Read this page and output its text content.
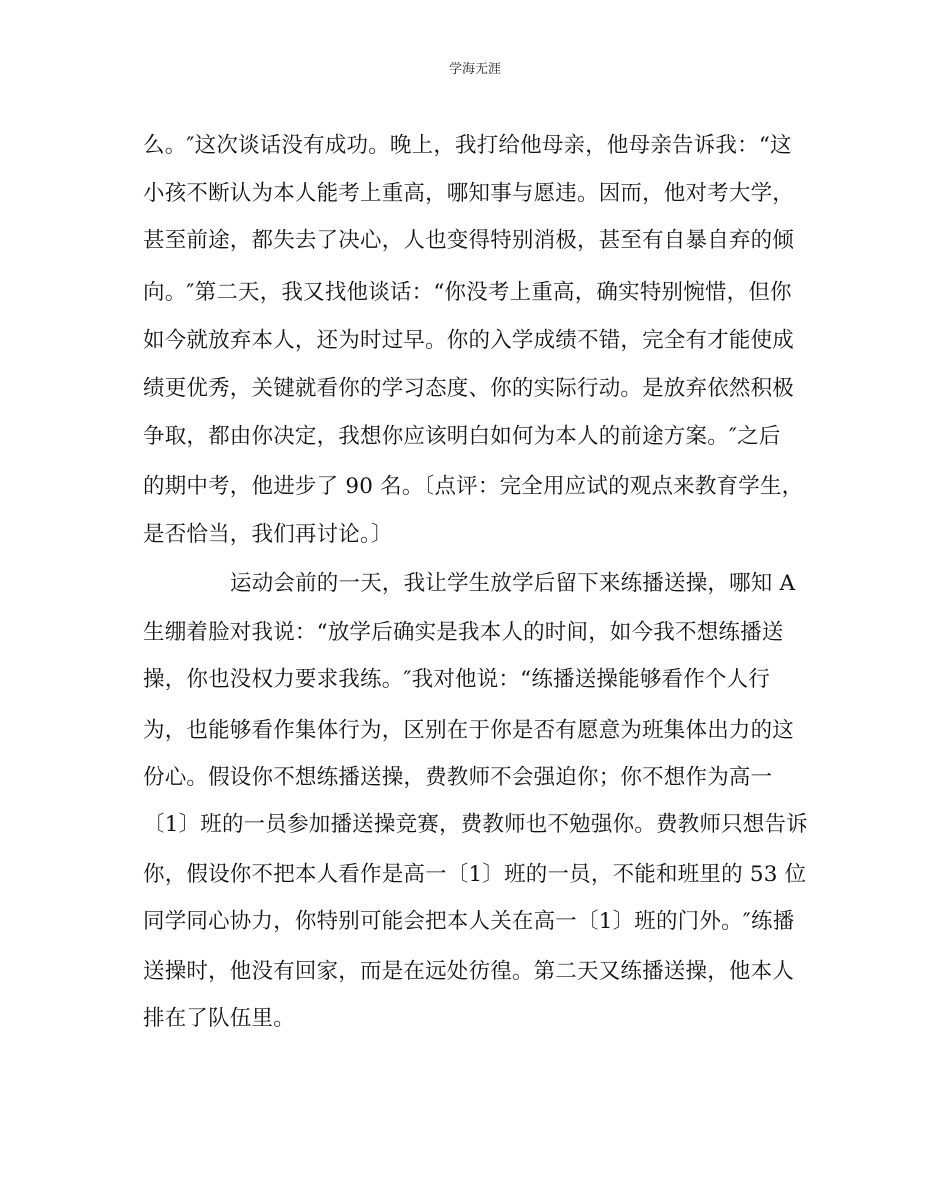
学海无涯
么。″这次谈话没有成功。晚上，我打给他母亲，他母亲告诉我：“这
小孩不断认为本人能考上重高，哪知事与愿违。因而，他对考大学，
甚至前途，都失去了决心，人也变得特别消极，甚至有自暴自弃的倾
向。″第二天，我又找他谈话：“你没考上重高，确实特别惋惜，但你
如今就放弃本人，还为时过早。你的入学成绩不错，完全有才能使成
绩更优秀，关键就看你的学习态度、你的实际行动。是放弃依然积极
争取，都由你决定，我想你应该明白如何为本人的前途方案。″之后
的期中考，他进步了 90 名。〔点评：完全用应试的观点来教育学生，
是否恰当，我们再讨论。〕
运动会前的一天，我让学生放学后留下来练播送操，哪知 A
生绷着脸对我说：“放学后确实是我本人的时间，如今我不想练播送
操，你也没权力要求我练。″我对他说：“练播送操能够看作个人行
为，也能够看作集体行为，区别在于你是否有愿意为班集体出力的这
份心。假设你不想练播送操，费教师不会强迫你；你不想作为高一
〔1〕班的一员参加播送操竞赛，费教师也不勉强你。费教师只想告诉
你，假设你不把本人看作是高一〔1〕班的一员，不能和班里的 53 位
同学同心协力，你特别可能会把本人关在高一〔1〕班的门外。″练播
送操时，他没有回家，而是在远处彷徨。第二天又练播送操，他本人
排在了队伍里。
